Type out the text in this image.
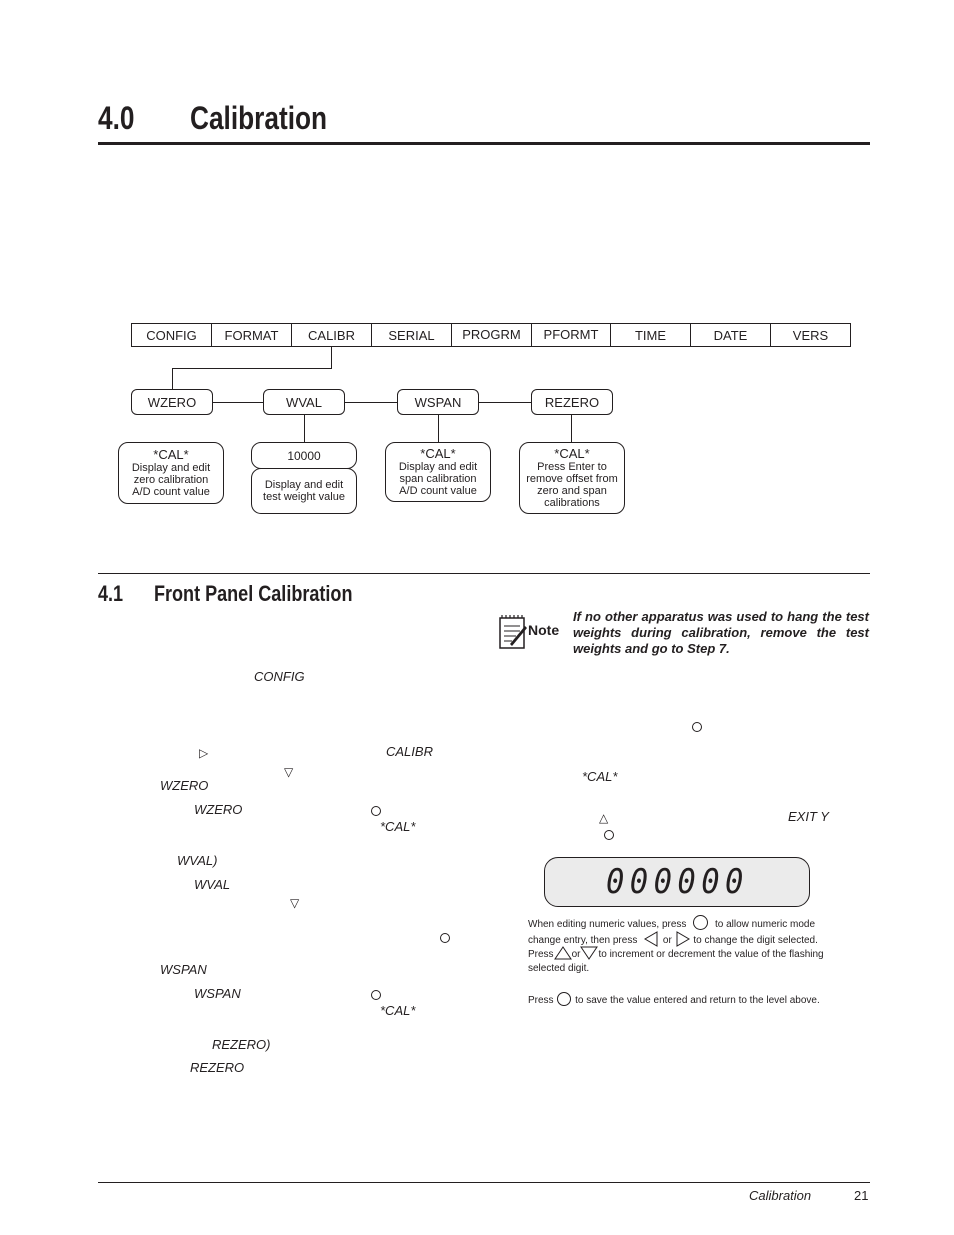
4.0 Calibration
CONFIG	FORMAT	CALIBR	SERIAL	PROGRM	PFORMT	TIME	DATE	VERS
WZERO	WVAL	WSPAN	REZERO
*CAL*
Display and edit
zero calibration
A/D count value
10000
Display and edit
test weight value
*CAL*
Display and edit
span calibration
A/D count value
*CAL*
Press Enter to
remove offset from
zero and span
calibrations
4.1 Front Panel Calibration
Note
If no other apparatus was used to hang the test weights during calibration, remove the test weights and go to Step 7.
CONFIG
▷	CALIBR
▽
WZERO
WZERO
*CAL*
WVAL)
WVAL
▽
WSPAN
WSPAN
*CAL*
REZERO)
REZERO
*CAL*
△	EXIT Y
000000
When editing numeric values, press	to allow numeric mode
change entry, then press	or to change the digit selected.
Press or to increment or decrement the value of the flashing
selected digit.
Press to save the value entered and return to the level above.
Calibration	21
